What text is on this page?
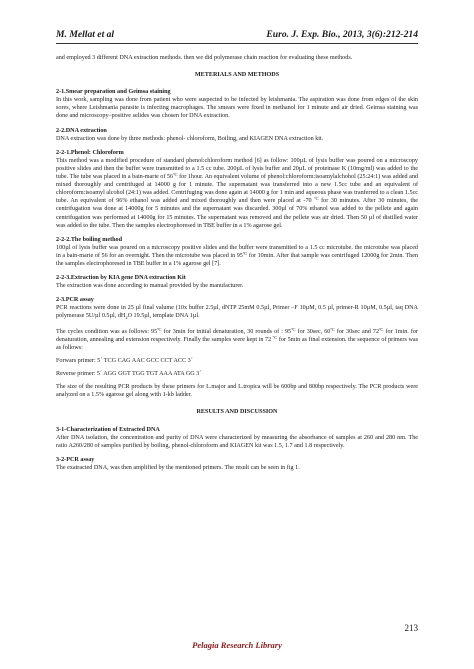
M. Mellat et al	Euro. J. Exp. Bio., 2013, 3(6):212-214

and employed 3 different DNA extraction methods. then we did polymerase chain reaction for evaluating these methods.

METERIALS AND METHODS
2-1.Smear preparation and Geimsa staining

In this work, sampling was done from patient who were suspected to be infected by leishmania. The aspiration was done from edges of the skin sores, where Leishmania parasite is infecting macrophages. The smears were fixed in methanol for 1 minute and air dried. Geimsa staining was done and microscopy–positive selides was chosen for DNA extraction.

2-2.DNA extraction

DNA extraction was done by three methods: phenol- chloroform, Boiling, and KIAGEN DNA extraction kit.

2-2-1.Phenol: Chloroform

This method was a modified procedure of standard phenol:chloroform method [6] as follow: 100µL of lysis buffer was poured on a microscopy positive slides and then the buffer were transmitted to a 1.5 cc tube. 200µL of lysis buffer and 20µL of proteinase K (10mg/ml) was added to the tube. The tube was placed in a bain-marie of $56^{ºC}$ for 1hour. An equivalent volume of phenol:chloroform:isoamylalchohol (25:24:1) was added and mixed thoroughly and centrifuged at 14000 g for 1 minute. The supernatant was transferred into a new 1.5cc tube and an equivalent of chloroform:isoamyl alcohol (24:1) was added. Centrifuging was done again at 14000 g for 1 min and aqueous phase was tranferred to a clean 1.5cc tube. An equivalent of 96% ethanol was added and mixed thoroughly and then were placed at -70 $^{ºC}$ for 30 minutes. After 30 minutes, the centrifugation was done at 14000g for 5 minutes and the supernatant was discarded. 300µl of 70% ethanol was added to the pellete and again centrifugation was performed at 14000g for 15 minutes. The supernatant was removed and the pellete was air dried. Then 50 µl of distilled water was added to the tube. Then the samples electrophoresed in TBE buffer in a 1% agarose gel.

2-2-2.The boiling method

100µl of lysis buffer was poured on a microscopy positive slides and the buffer were transmitted to a 1.5 cc microtube. the microtube was placed in a bain-marie of 56 for an overnight. Then the microtube was placed in $95^{ºC}$ for 10min. After that sample was centrifuged 12000g for 2min. Then the samples electrophoresed in TBE buffer in a 1% agarose gel [7].

2-2-3.Extraction by KIA gene DNA extraction Kit

The extraction was done according to manual provided by the manufacturer.

2-3.PCR assay

PCR reactions were done in 25 µl final valume (10x buffer 2.5µl, dNTP 25mM 0.5µl, Primer –F 10µM, 0.5 µl, primer-R 10µM, 0.5µl, taq DNA polymerase 5U/µl 0.5µl, $dH_2O$ 19.5µl, template DNA 1µl.

The cycles condition was as follows: $95^{ºC}$ for 3min for initial denaturation, 30 rounds of : $95^{ºC}$ for 30sec, $60^{ºC}$ for 30sec and $72^{ºC}$ for 1min. for denaturation, annealing and extension respectively. Finally the samples were kept in 72 $^{ºC}$ for 5min as final extension. the sequence of primers was as follows:

Forwars primer: 5´ TCG CAG AAC GCC CCT ACC 3´

Reverse primer: 5´ AGG GGT TGG TGT AAA ATA GG 3´

The size of the resulting PCR products by these primers for L.major and L.tropica will be 600bp and 800bp respectively. The PCR products were analyzed on a 1.5% agarose gel along with 1-kb ladder.

RESULTS AND DISCUSSION
3-1-Characterization of Extracted DNA

After DNA isolation, the concentration and purity of DNA were characterized by measuring the absorbance of samples at 260 and 280 nm. The ratio A260/280 of samples purified by boiling, phenol-chloroform and KIAGEN kit was 1.5, 1.7 and 1.8 respectively.

3-2-PCR assay

The exatracted DNA, was then amplified by the mentioned primers. The result can be seen in fig 1.

213
Pelagia Research Library
